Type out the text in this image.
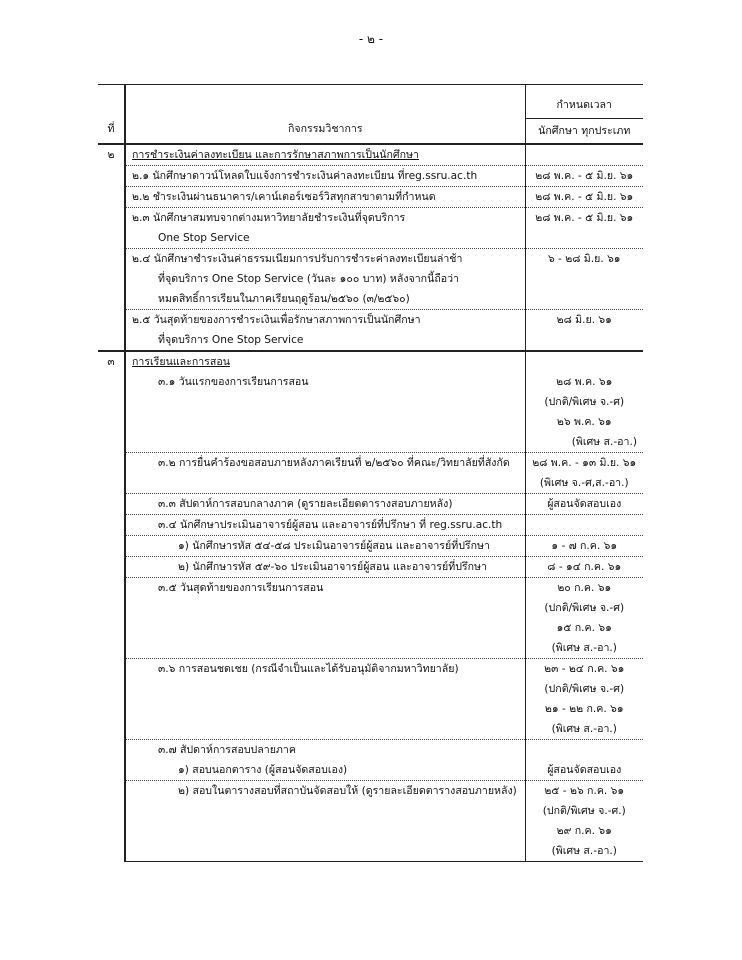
- ๒ -
ที่	กิจกรรมวิชาการ	กำหนดเวลา
นักศึกษา ทุกประเภท

๒	การชำระเงินค่าลงทะเบียน และการรักษาสภาพการเป็นนักศึกษา	

	๒.๑ นักศึกษาดาวน์โหลดใบแจ้งการชำระเงินค่าลงทะเบียน ที่reg.ssru.ac.th	๒๘ พ.ค. - ๕ มิ.ย. ๖๑

	๒.๒ ชำระเงินผ่านธนาคาร/เคาน์เตอร์เซอร์วิสทุกสาขาตามที่กำหนด	๒๘ พ.ค. - ๕ มิ.ย. ๖๑

	๒.๓ นักศึกษาสมทบจากต่างมหาวิทยาลัยชำระเงินที่จุดบริการ
One Stop Service	๒๘ พ.ค. - ๕ มิ.ย. ๖๑

	๒.๔ นักศึกษาชำระเงินค่าธรรมเนียมการปรับการชำระค่าลงทะเบียนล่าช้า
ที่จุดบริการ One Stop Service (วันละ ๑๐๐ บาท) หลังจากนี้ถือว่า
หมดสิทธิ์การเรียนในภาคเรียนฤดูร้อน/๒๕๖๐ (๓/๒๕๖๐)	๖ - ๒๘ มิ.ย. ๖๑

	๒.๕ วันสุดท้ายของการชำระเงินเพื่อรักษาสภาพการเป็นนักศึกษา
ที่จุดบริการ One Stop Service	๒๘ มิ.ย. ๖๑

๓	การเรียนและการสอน	

	๓.๑ วันแรกของการเรียนการสอน	๒๘ พ.ค. ๖๑
(ปกติ/พิเศษ จ.-ศ)
๒๖ พ.ค. ๖๑
(พิเศษ ส.-อา.)

	๓.๒ การยื่นคำร้องขอสอบภายหลังภาคเรียนที่ ๒/๒๕๖๐ ที่คณะ/วิทยาลัยที่สังกัด	๒๘ พ.ค. - ๑๓ มิ.ย. ๖๑
(พิเศษ จ.-ศ,ส.-อา.)

	๓.๓ สัปดาห์การสอบกลางภาค (ดูรายละเอียดตารางสอบภายหลัง)	ผู้สอนจัดสอบเอง

	๓.๔ นักศึกษาประเมินอาจารย์ผู้สอน และอาจารย์ที่ปรึกษา ที่ reg.ssru.ac.th	

	๑) นักศึกษารหัส ๕๔-๕๘ ประเมินอาจารย์ผู้สอน และอาจารย์ที่ปรึกษา	๑ - ๗ ก.ค. ๖๑

	๒) นักศึกษารหัส ๕๙-๖๐ ประเมินอาจารย์ผู้สอน และอาจารย์ที่ปรึกษา	๘ - ๑๔ ก.ค. ๖๑

	๓.๕ วันสุดท้ายของการเรียนการสอน	๒๐ ก.ค. ๖๑
(ปกติ/พิเศษ จ.-ศ)
๑๕ ก.ค. ๖๑
(พิเศษ ส.-อา.)

	๓.๖ การสอนชดเชย (กรณีจำเป็นและได้รับอนุมัติจากมหาวิทยาลัย)	๒๓ - ๒๔ ก.ค. ๖๑
(ปกติ/พิเศษ จ.-ศ)
๒๑ - ๒๒ ก.ค. ๖๑
(พิเศษ ส.-อา.)

	๓.๗ สัปดาห์การสอบปลายภาค
๑) สอบนอกตาราง (ผู้สอนจัดสอบเอง)	ผู้สอนจัดสอบเอง

	๒) สอบในตารางสอบที่สถาบันจัดสอบให้ (ดูรายละเอียดตารางสอบภายหลัง)	๒๕ - ๒๖ ก.ค. ๖๑
(ปกติ/พิเศษ จ.-ศ.)
๒๙ ก.ค. ๖๑
(พิเศษ ส.-อา.)
